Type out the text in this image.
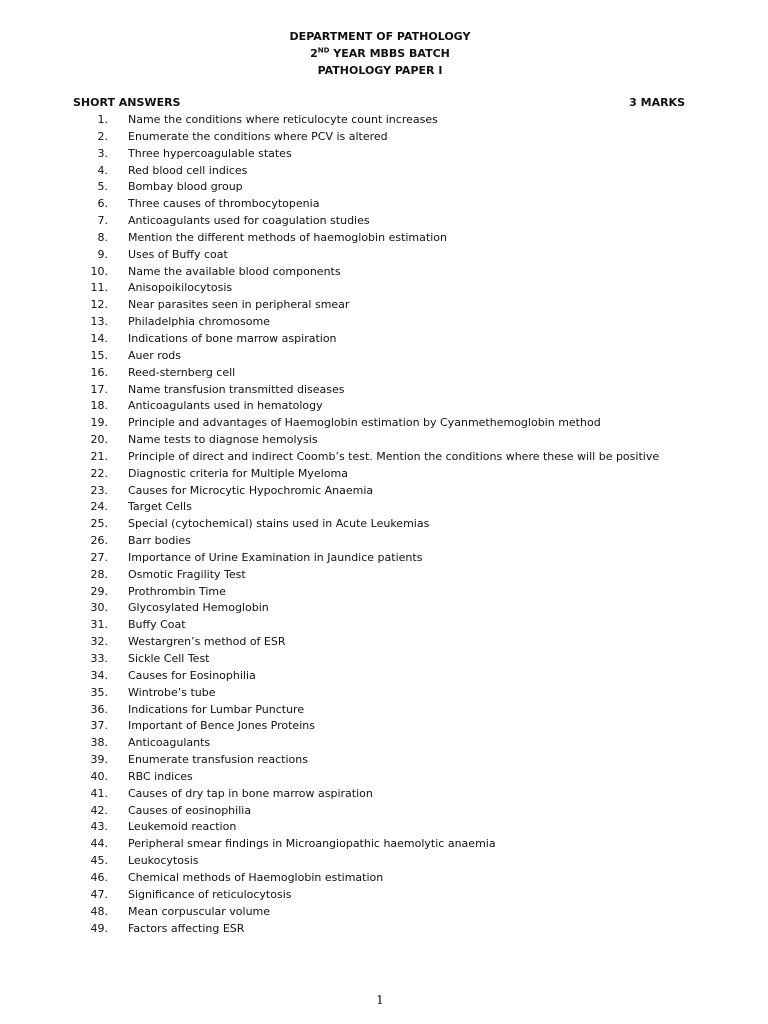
DEPARTMENT OF PATHOLOGY
2ND YEAR MBBS BATCH
PATHOLOGY PAPER I
SHORT ANSWERS	3 MARKS
1. Name the conditions where reticulocyte count increases
2. Enumerate the conditions where PCV is altered
3. Three hypercoagulable states
4. Red blood cell indices
5. Bombay blood group
6. Three causes of thrombocytopenia
7. Anticoagulants used for coagulation studies
8. Mention the different methods of haemoglobin estimation
9. Uses of Buffy coat
10. Name the available blood components
11. Anisopoikilocytosis
12. Near parasites seen in peripheral smear
13. Philadelphia chromosome
14. Indications of bone marrow aspiration
15. Auer rods
16. Reed-sternberg cell
17. Name transfusion transmitted diseases
18. Anticoagulants used in hematology
19. Principle and advantages of Haemoglobin estimation by Cyanmethemoglobin method
20. Name tests to diagnose hemolysis
21. Principle of direct and indirect Coomb’s test. Mention the conditions where these will be positive
22. Diagnostic criteria for Multiple Myeloma
23. Causes for Microcytic Hypochromic Anaemia
24. Target Cells
25. Special (cytochemical) stains used in Acute Leukemias
26. Barr bodies
27. Importance of Urine Examination in Jaundice patients
28. Osmotic Fragility Test
29. Prothrombin Time
30. Glycosylated Hemoglobin
31. Buffy Coat
32. Westargren’s method of ESR
33. Sickle Cell Test
34. Causes for Eosinophilia
35. Wintrobe’s tube
36. Indications for Lumbar Puncture
37. Important of Bence Jones Proteins
38. Anticoagulants
39. Enumerate transfusion reactions
40. RBC indices
41. Causes of dry tap in bone marrow aspiration
42. Causes of eosinophilia
43. Leukemoid reaction
44. Peripheral smear findings in Microangiopathic haemolytic anaemia
45. Leukocytosis
46. Chemical methods of Haemoglobin estimation
47. Significance of reticulocytosis
48. Mean corpuscular volume
49. Factors affecting ESR
1
